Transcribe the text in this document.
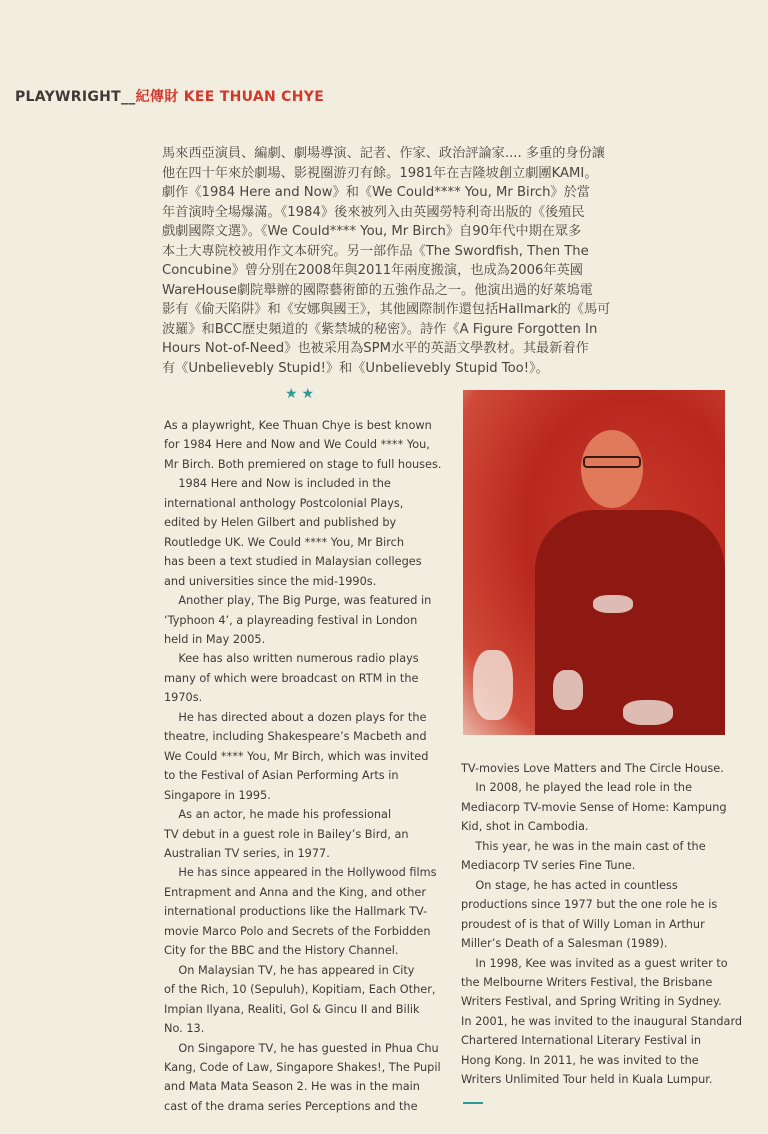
PLAYWRIGHT__紀傳財 KEE THUAN CHYE
馬來西亞演員、編劇、劇場導演、記者、作家、政治評論家.... 多重的身份讓
他在四十年來於劇場、影視圈游刃有餘。1981年在吉隆坡創立劇團KAMI。
劇作《1984 Here and Now》和《We Could**** You, Mr Birch》於當
年首演時全場爆滿。《1984》後來被列入由英國勞特利奇出版的《後殖民
戲劇國際文選》。《We Could**** You, Mr Birch》自90年代中期在眾多
本土大專院校被用作文本研究。另一部作品《The Swordfish, Then The
Concubine》曾分別在2008年與2011年兩度搬演，也成為2006年英國
WareHouse劇院舉辦的國際藝術節的五強作品之一。他演出過的好萊塢電
影有《偷天陷阱》和《安娜與國王》，其他國際制作還包括Hallmark的《馬可
波羅》和BCC歷史頻道的《紫禁城的秘密》。詩作《A Figure Forgotten In
Hours Not-of-Need》也被采用為SPM水平的英語文學教材。其最新着作
有《Unbelievebly Stupid!》和《Unbelievebly Stupid Too!》。
★★
As a playwright, Kee Thuan Chye is best known
for 1984 Here and Now and We Could **** You,
Mr Birch. Both premiered on stage to full houses.
1984 Here and Now is included in the
international anthology Postcolonial Plays,
edited by Helen Gilbert and published by
Routledge UK. We Could **** You, Mr Birch
has been a text studied in Malaysian colleges
and universities since the mid-1990s.
Another play, The Big Purge, was featured in
‘Typhoon 4’, a playreading festival in London
held in May 2005.
Kee has also written numerous radio plays
many of which were broadcast on RTM in the
1970s.
He has directed about a dozen plays for the
theatre, including Shakespeare’s Macbeth and
We Could **** You, Mr Birch, which was invited
to the Festival of Asian Performing Arts in
Singapore in 1995.
As an actor, he made his professional
TV debut in a guest role in Bailey’s Bird, an
Australian TV series, in 1977.
He has since appeared in the Hollywood films
Entrapment and Anna and the King, and other
international productions like the Hallmark TV-
movie Marco Polo and Secrets of the Forbidden
City for the BBC and the History Channel.
On Malaysian TV, he has appeared in City
of the Rich, 10 (Sepuluh), Kopitiam, Each Other,
Impian Ilyana, Realiti, Gol & Gincu II and Bilik
No. 13.
On Singapore TV, he has guested in Phua Chu
Kang, Code of Law, Singapore Shakes!, The Pupil
and Mata Mata Season 2. He was in the main
cast of the drama series Perceptions and the
TV-movies Love Matters and The Circle House.
In 2008, he played the lead role in the
Mediacorp TV-movie Sense of Home: Kampung
Kid, shot in Cambodia.
This year, he was in the main cast of the
Mediacorp TV series Fine Tune.
On stage, he has acted in countless
productions since 1977 but the one role he is
proudest of is that of Willy Loman in Arthur
Miller’s Death of a Salesman (1989).
In 1998, Kee was invited as a guest writer to
the Melbourne Writers Festival, the Brisbane
Writers Festival, and Spring Writing in Sydney.
In 2001, he was invited to the inaugural Standard
Chartered International Literary Festival in
Hong Kong. In 2011, he was invited to the
Writers Unlimited Tour held in Kuala Lumpur.
